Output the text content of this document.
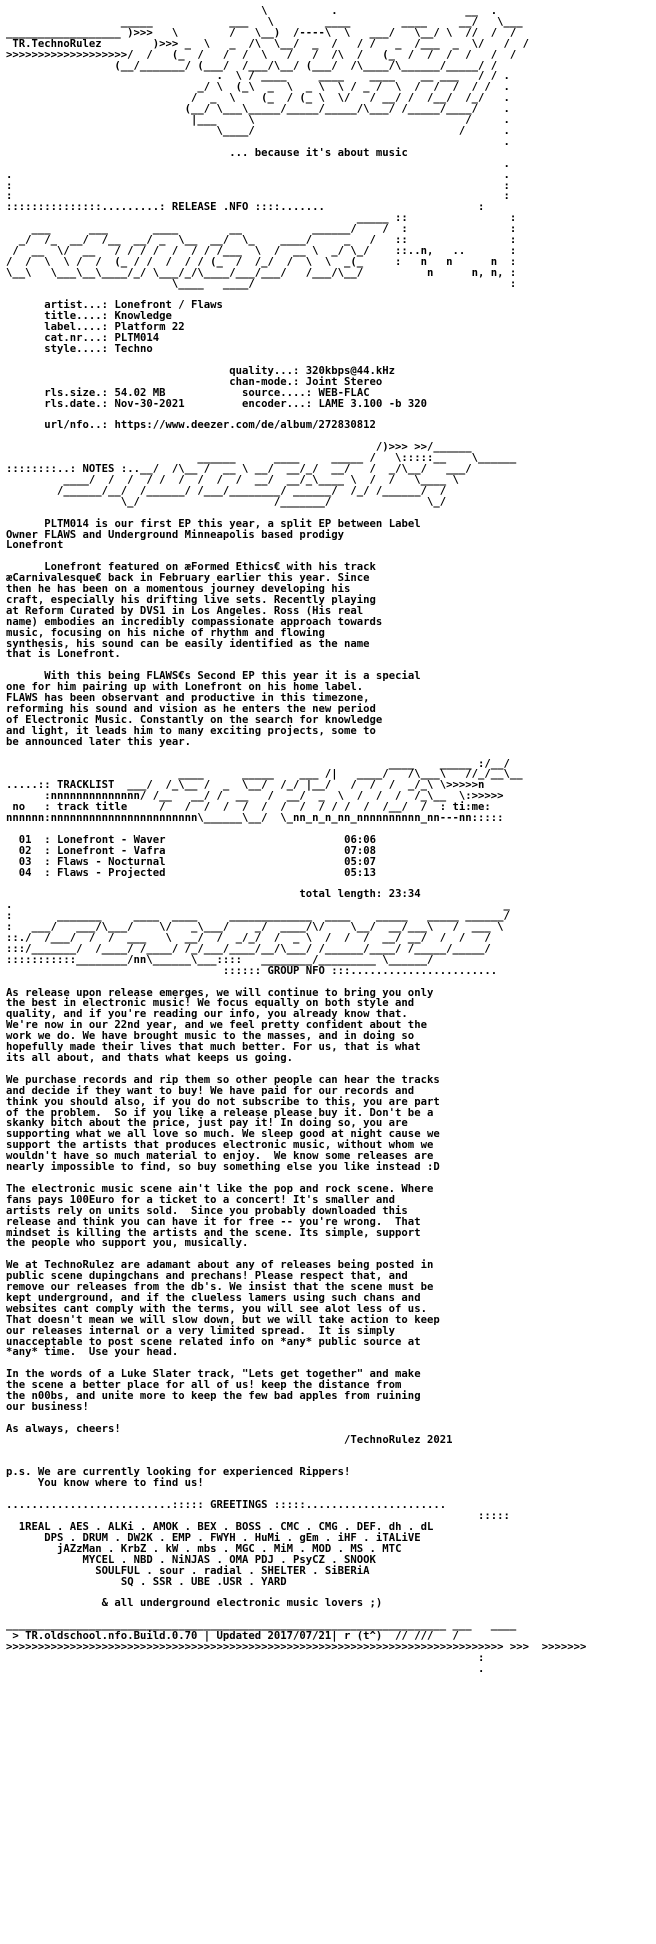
\          .                    __  .
_____            ___   \        ____        ____     __/   \___
__________________ )>>>   \        /   \__)  /----\  \   ___/   \__/ \  //  /  /
TR.TechnoRulez	)>>> _  \   _  /\  \__/  _  /   / /   _  /___  _  \/   /  /
>>>>>>>>>>>>>>>>>>>/  /   (_  /   /  /  \   /   /  /\  /   (_  /  /  /  /   /  /
(__/_______/ (___/  /___/\__/ (___/  /\____/\______/_____/ /
.  \ / ____     ____    ____    __ ___   / / .
_/ \  (_\  _  \  _ \  \ / _ /  \  /  /  /  / /  .
/  _  \    (_  / (_ \  \/   / __/ /  /__/  /_/   .
(__/ \___\_____/_____/_____/\___/ /_____/____/    .
|___     \                                 /     .
\____/                                /      .
.
... because it's about music
.
.                                                                             .
:                                                                             :
:                                                                             :
:::::::::::::::.........: RELEASE .NFO ::::.......                        :
_____ ::                :
___      ___       ____        __           ______/    /  :                :
_/  /_  __/  /__  __/ _  \__  __/  \_    ____/     _   /   ::                :
/  __  \/  __   / / / /  /  / / /___  \  /  __ \  _/ \_/    ::..n,   ..       :
/  /  \  \ /  /  (_ / /  /  / / (_  /  /_/  /  \  \  _(_     :   n   n      n  :
\__\   \___\__\____/_/ \___/_/\____/___/___/   /___/\__/          n      n, n, :
\____   ____/                                        :

artist...: Lonefront / Flaws
title....: Knowledge
label....: Platform 22
cat.nr...: PLTM014
style....: Techno

quality...: 320kbps@44.kHz
chan-mode.: Joint Stereo
rls.size.: 54.02 MB            source....: WEB-FLAC
rls.date.: Nov-30-2021         encoder...: LAME 3.100 -b 320

url/nfo..: https://www.deezer.com/de/album/272830812

/)>>> >>/______
______      ____     _____ /   \:::::__    \______
::::::::..: NOTES :..__/  /\__ /  __ \ __/  __/_/  __/   /  _/\__/   ___/
____/  /  /  / /  /  /  /  /  __/  __/_\____ \  /  /   \____ \
/______/__/  /______/ /___/________/ ______/  /_/ /______/  /
\_/                     /_______/               \_/

PLTM014 is our first EP this year, a split EP between Label
Owner FLAWS and Underground Minneapolis based prodigy
Lonefront

Lonefront featured on æFormed Ethics€ with his track
æCarnivalesque€ back in February earlier this year. Since
then he has been on a momentous journey developing his
craft, especially his drifting live sets. Recently playing
at Reform Curated by DVS1 in Los Angeles. Ross (His real
name) embodies an incredibly compassionate approach towards
music, focusing on his niche of rhythm and flowing
synthesis, his sound can be easily identified as the name
that is Lonefront.

With this being FLAWS€s Second EP this year it is a special
one for him pairing up with Lonefront on his home label.
FLAWS has been observant and productive in this timezone,
reforming his sound and vision as he enters the new period
of Electronic Music. Constantly on the search for knowledge
and light, it leads him to many exciting projects, some to
be announced later this year.

____    _____ :/__/
____      _____    ___ /|   ____/   /\___\   //_/__\__
.....:: TRACKLIST  ___/  /_\__ /  _  \__/  /_/ |__/   /  /  /  _/_\ \>>>>>n
:nnnnnnnnnnnnnn/ /__   __/ /  __   /  __/  _  \  /  /  /  /_\__  \:>>>>>
no   : track title     /   /  /  /  /  /  /  /  / / /  /  /__/  /  : ti:me:
nnnnnn:nnnnnnnnnnnnnnnnnnnnnnn\______\__/  \_nn_n_n_nn_nnnnnnnnnn_nn---nn:::::

01  : Lonefront - Waver	06:06
02  : Lonefront - Vafra	07:08
03  : Flaws - Nocturnal	05:07
04  : Flaws - Projected	05:13

total length: 23:34
.                                                                             _
:       _______     ____  ____     _____________  ____    _____   _____ ______/
:   ___/   ___/\___/    \/   _\___/    _/  ____/\/    \__/  __/___\   /  ___ \
::./  /___/  /  /  ___   \  __/  /  _/_/  /  _ \  /  /  /  __/ __/  /  /   /
:::/_______/  /____/ /____/ /_/___/____/__/\___/ /______/____/ /_____/_____/
:::::::::::________/nn\______\___::::   ________/_________ \______/
:::::: GROUP NFO :::.......................

As release upon release emerges, we will continue to bring you only
the best in electronic music! We focus equally on both style and
quality, and if you're reading our info, you already know that.
We're now in our 22nd year, and we feel pretty confident about the
work we do. We have brought music to the masses, and in doing so
hopefully made their lives that much better. For us, that is what
its all about, and thats what keeps us going.

We purchase records and rip them so other people can hear the tracks
and decide if they want to buy! We have paid for our records and
think you should also, if you do not subscribe to this, you are part
of the problem.  So if you like a release please buy it. Don't be a
skanky bitch about the price, just pay it! In doing so, you are
supporting what we all love so much. We sleep good at night cause we
support the artists that produces electronic music, without whom we
wouldn't have so much material to enjoy.  We know some releases are
nearly impossible to find, so buy something else you like instead :D

The electronic music scene ain't like the pop and rock scene. Where
fans pays 100Euro for a ticket to a concert! It's smaller and
artists rely on units sold.  Since you probably downloaded this
release and think you can have it for free -- you're wrong.  That
mindset is killing the artists and the scene. Its simple, support
the people who support you, musically.

We at TechnoRulez are adamant about any of releases being posted in
public scene dupingchans and prechans! Please respect that, and
remove our releases from the db's. We insist that the scene must be
kept underground, and if the clueless lamers using such chans and
websites cant comply with the terms, you will see alot less of us.
That doesn't mean we will slow down, but we will take action to keep
our releases internal or a very limited spread.  It is simply
unacceptable to post scene related info on *any* public source at
*any* time.  Use your head.

In the words of a Luke Slater track, "Lets get together" and make
the scene a better place for all of us! keep the distance from
the n00bs, and unite more to keep the few bad apples from ruining
our business!

As always, cheers!
/TechnoRulez 2021

p.s. We are currently looking for experienced Rippers!
You know where to find us!

..........................::::: GREETINGS :::::......................
:::::
1REAL . AES . ALKi . AMOK . BEX . BOSS . CMC . CMG . DEF. dh . dL
DPS . DRUM . DW2K . EMP . FWYH . HuMi . gEm . iHF . iTALiVE
jAZzMan . KrbZ . kW . mbs . MGC . MiM . MOD . MS . MTC
MYCEL . NBD . NiNJAS . OMA PDJ . PsyCZ . SNOOK
SOULFUL . sour . radial . SHELTER . SiBERiA
SQ . SSR . UBE .USR . YARD

& all underground electronic music lovers ;)

_____________________________________________________________________ ___   ____
> TR.oldschool.nfo.Build.0.70 | Updated 2017/07/21| r (t^)  // ///   /
>>>>>>>>>>>>>>>>>>>>>>>>>>>>>>>>>>>>>>>>>>>>>>>>>>>>>>>>>>>>>>>>>>>>>>>>>>>>>> >>>  >>>>>>>
:
.
